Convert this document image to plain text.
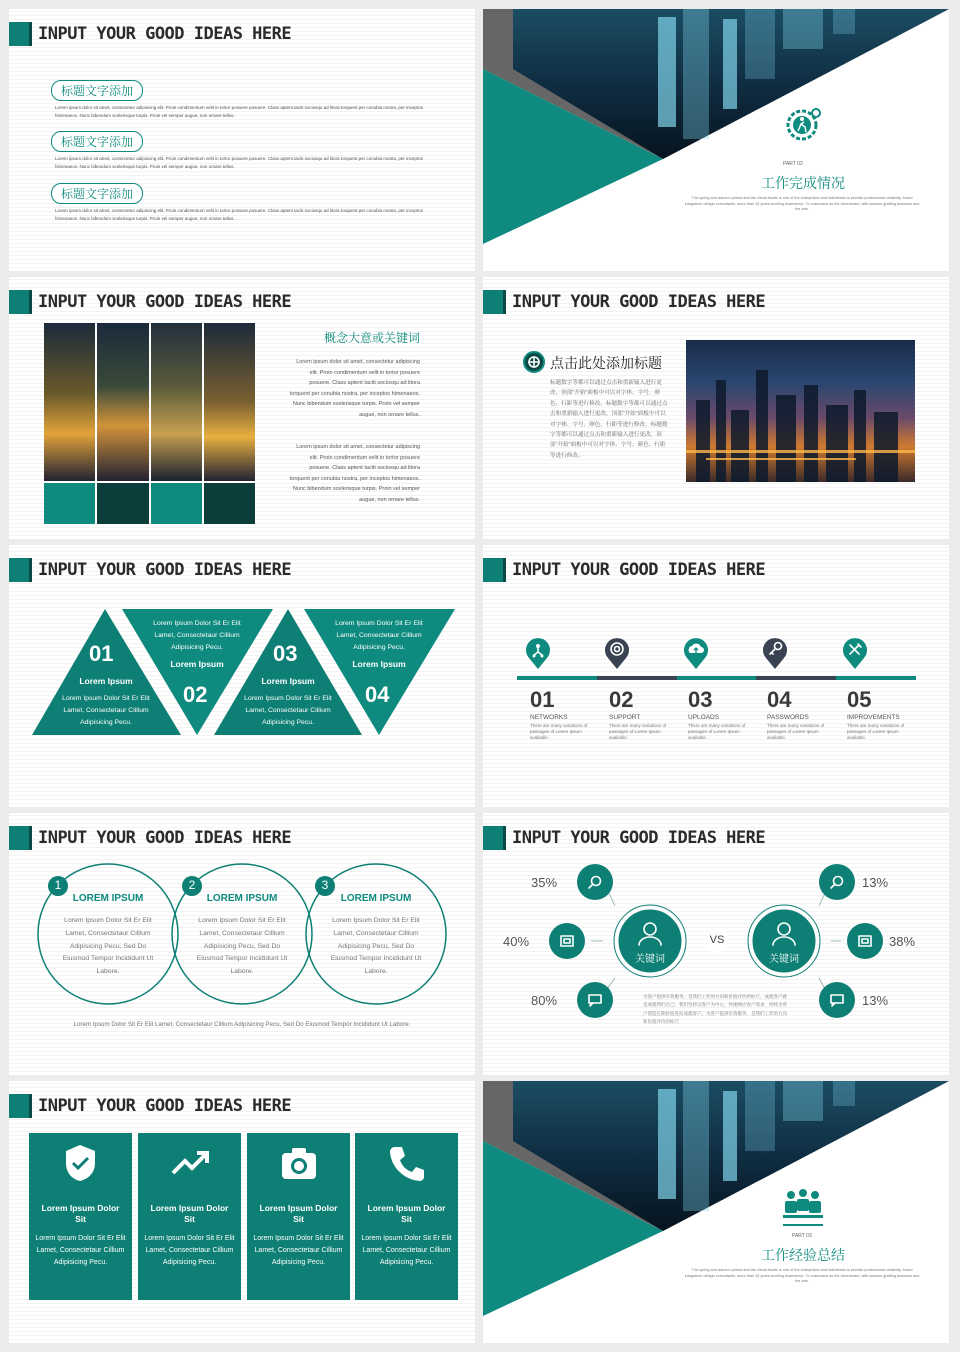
INPUT YOUR GOOD IDEAS HERE
标题文字添加
Lorem ipsum dolor sit amet, consectetur adipiscing elit. Proin condimentum velit in tortor posuere posuere. Class aptent taciti sociosqu ad litora torquent per conubia nostra, per inceptos himenaeos. Nunc bibendum scelerisque turpis. Proin vel semper augue, non ornare tellus.
标题文字添加
Lorem ipsum dolor sit amet, consectetur adipiscing elit. Proin condimentum velit in tortor posuere posuere. Class aptent taciti sociosqu ad litora torquent per conubia nostra, per inceptos himenaeos. Nunc bibendum scelerisque turpis. Proin vel semper augue, non ornare tellus.
标题文字添加
Lorem ipsum dolor sit amet, consectetur adipiscing elit. Proin condimentum velit in tortor posuere posuere. Class aptent taciti sociosqu ad litora torquent per conubia nostra, per inceptos himenaeos. Nunc bibendum scelerisque turpis. Proin vel semper augue, non ornare tellus.
PART 02
工作完成情况
The spring and autumn period and the visual studio is one of the enterprises and individuals to provide professional creativity, brand integration design consultants, more than 15 years working experience. To customers as the benchmark, with wisdom grafting business and the arts.
INPUT YOUR GOOD IDEAS HERE
概念大意或关键词
Lorem ipsum dolor sit amet, consectetur adipiscing elit. Proin condimentum velit in tortor posuere posuere. Class aptent taciti sociosqu ad litora torquent per conubia nostra, per inceptos himenaeos. Nunc bibendum scelerisque turpis. Proin vel semper augue, non ornare tellus.
Lorem ipsum dolor sit amet, consectetur adipiscing elit. Proin condimentum velit in tortor posuere posuere. Class aptent taciti sociosqu ad litora torquent per conubia nostra, per inceptos himenaeos. Nunc bibendum scelerisque turpis. Proin vel semper augue, non ornare tellus.
INPUT YOUR GOOD IDEAS HERE
点击此处添加标题
标题数字等都可以通过点击和重新输入进行更改，顶部“开始”面板中可以对字体、字号、颜色、行距等进行修改。标题数字等都可以通过点击和重新输入进行更改，顶部“开始”面板中可以对字体、字号、颜色、行距等进行修改。标题数字等都可以通过点击和重新输入进行更改，顶部“开始”面板中可以对字体、字号、颜色、行距等进行修改。
INPUT YOUR GOOD IDEAS HERE
01
Lorem Ipsum
Lorem Ipsum Dolor Sit Er Elit Lamet, Consectetaur Cillium Adipisicing Pecu.
Lorem Ipsum Dolor Sit Er Elit Lamet, Consectetaur Cillium Adipisicing Pecu.
Lorem Ipsum
02
03
Lorem Ipsum
Lorem Ipsum Dolor Sit Er Elit Lamet, Consectetaur Cillium Adipisicing Pecu.
Lorem Ipsum Dolor Sit Er Elit Lamet, Consectetaur Cillium Adipisicing Pecu.
Lorem Ipsum
04
INPUT YOUR GOOD IDEAS HERE
01
NETWORKS
There are many variations of passages of Lorem Ipsum available.
02
SUPPORT
There are many variations of passages of Lorem Ipsum available.
03
UPLOADS
There are many variations of passages of Lorem Ipsum available.
04
PASSWORDS
There are many variations of passages of Lorem Ipsum available.
05
IMPROVEMENTS
There are many variations of passages of Lorem Ipsum available.
INPUT YOUR GOOD IDEAS HERE
1	2	3
LOREM IPSUM
Lorem Ipsum Dolor Sit Er Elit Lamet, Consectetaur Cillium Adipisicing Pecu, Sed Do Eiusmod Tempor Incididunt Ut Labore.
LOREM IPSUM
Lorem Ipsum Dolor Sit Er Elit Lamet, Consectetaur Cillium Adipisicing Pecu, Sed Do Eiusmod Tempor Incididunt Ut Labore.
LOREM IPSUM
Lorem Ipsum Dolor Sit Er Elit Lamet, Consectetaur Cillium Adipisicing Pecu, Sed Do Eiusmod Tempor Incididunt Ut Labore.
Lorem Ipsum Dolor Sit Er Elit Lamet, Consectetaur Cillium Adipisicing Pecu, Sed Do Eiusmod Tempor Incididunt Ut Labore.
INPUT YOUR GOOD IDEAS HERE
关键词	关键词
VS
35%
40%
80%
13%
38%
13%
为客户提供有效服务，是我们工作的方向和价值评价的标尺，成就客户就是成就我们自己。我们坚持以客户为中心，快速响应客户需求，持续为客户创造长期价值进而成就客户。为客户提供有效服务，是我们工作的方向和价值评价的标尺
INPUT YOUR GOOD IDEAS HERE
Lorem Ipsum Dolor Sit
Lorem Ipsum Dolor Sit Er Elit Lamet, Consectetaur Cillium Adipisicing Pecu.
Lorem Ipsum Dolor Sit
Lorem Ipsum Dolor Sit Er Elit Lamet, Consectetaur Cillium Adipisicing Pecu.
Lorem Ipsum Dolor Sit
Lorem Ipsum Dolor Sit Er Elit Lamet, Consectetaur Cillium Adipisicing Pecu.
Lorem Ipsum Dolor Sit
Lorem Ipsum Dolor Sit Er Elit Lamet, Consectetaur Cillium Adipisicing Pecu.
PART 03
工作经验总结
The spring and autumn period and the visual studio is one of the enterprises and individuals to provide professional creativity, brand integration design consultants, more than 15 years working experience. To customers as the benchmark, with wisdom grafting business and the arts.
